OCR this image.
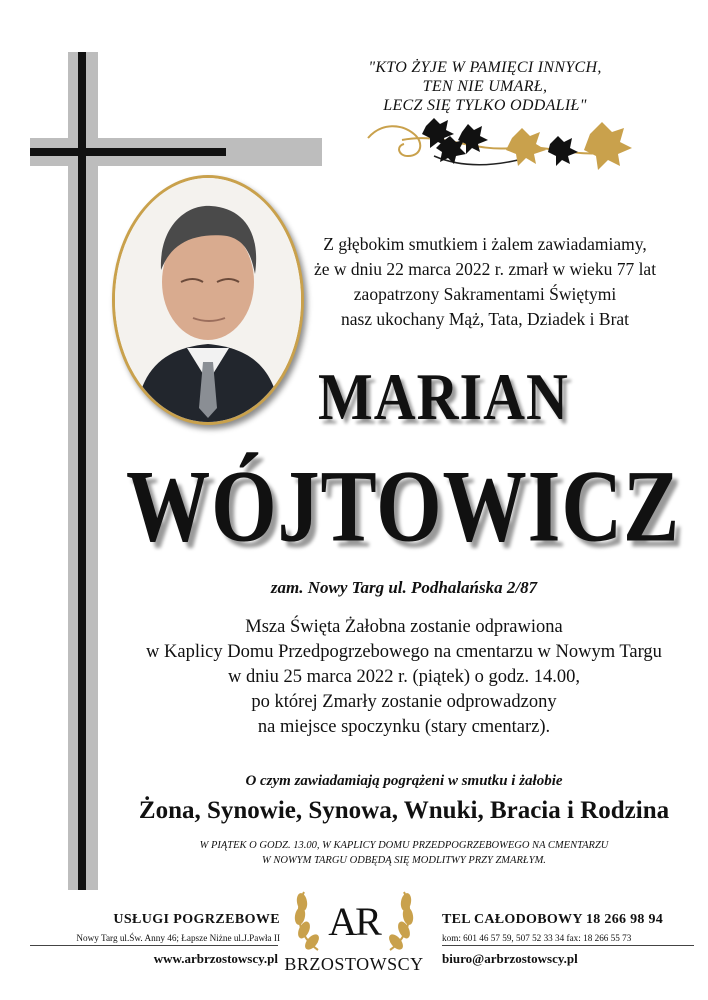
"KTO ŻYJE W PAMIĘCI INNYCH,
TEN NIE UMARŁ,
LECZ SIĘ TYLKO ODDALIŁ"
Z głębokim smutkiem i żalem zawiadamiamy,
że w dniu 22 marca 2022 r. zmarł w wieku 77 lat
zaopatrzony Sakramentami Świętymi
nasz ukochany Mąż, Tata, Dziadek i Brat
MARIAN
WÓJTOWICZ
zam. Nowy Targ ul. Podhalańska 2/87
Msza Święta Żałobna zostanie odprawiona
w Kaplicy Domu Przedpogrzebowego na cmentarzu w Nowym Targu
w dniu 25 marca 2022 r. (piątek) o godz. 14.00,
po której Zmarły zostanie odprowadzony
na miejsce spoczynku (stary cmentarz).
O czym zawiadamiają pogrążeni w smutku i żałobie
Żona, Synowie, Synowa, Wnuki, Bracia i Rodzina
W PIĄTEK O GODZ. 13.00, W KAPLICY DOMU PRZEDPOGRZEBOWEGO NA CMENTARZU
W NOWYM TARGU ODBĘDĄ SIĘ MODLITWY PRZY ZMARŁYM.
USŁUGI POGRZEBOWE
Nowy Targ ul.Św. Anny 46; Łapsze Niżne ul.J.Pawła II
www.arbrzostowscy.pl
AR
BRZOSTOWSCY
TEL CAŁODOBOWY 18 266 98 94
kom: 601 46 57 59, 507 52 33 34 fax: 18 266 55 73
biuro@arbrzostowscy.pl
